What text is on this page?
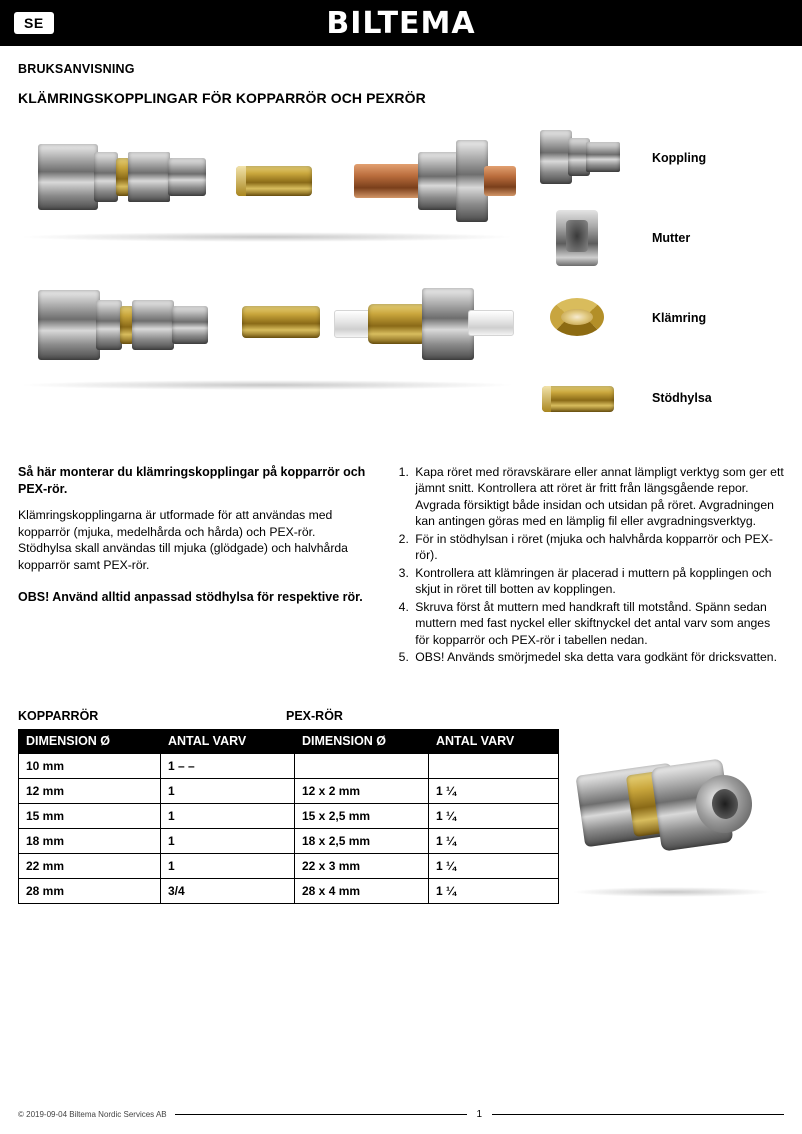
SE	BILTEMA
BRUKSANVISNING
KLÄMRINGSKOPPLINGAR FÖR KOPPARRÖR OCH PEXRÖR
Koppling
Mutter
Klämring
Stödhylsa

Så här monterar du klämringskopplingar på kopparrör och PEX-rör.

Klämringskopplingarna är utformade för att användas med kopparrör (mjuka, medelhårda och hårda) och PEX-rör. Stödhylsa skall användas till mjuka (glödgade) och halvhårda kopparrör samt PEX-rör.

OBS! Använd alltid anpassad stödhylsa för respektive rör.

1. Kapa röret med röravskärare eller annat lämpligt verktyg som ger ett jämnt snitt. Kontrollera att röret är fritt från längsgående repor. Avgrada försiktigt både insidan och utsidan på röret. Avgradningen kan antingen göras med en lämplig fil eller avgradningsverktyg.
2. För in stödhylsan i röret (mjuka och halvhårda kopparrör och PEX-rör).
3. Kontrollera att klämringen är placerad i muttern på kopplingen och skjut in röret till botten av kopplingen.
4. Skruva först åt muttern med handkraft till motstånd. Spänn sedan muttern med fast nyckel eller skiftnyckel det antal varv som anges för kopparrör och PEX-rör i tabellen nedan.
5. OBS! Används smörjmedel ska detta vara godkänt för dricksvatten.
KOPPARRÖR	PEX-RÖR
DIMENSION Ø	ANTAL VARV	DIMENSION Ø	ANTAL VARV
10 mm	1 – –		
12 mm	1	12 x 2 mm	1 ¼
15 mm	1	15 x 2,5 mm	1 ¼
18 mm	1	18 x 2,5 mm	1 ¼
22 mm	1	22 x 3 mm	1 ¼
28 mm	3/4	28 x 4 mm	1 ¼
© 2019-09-04 Biltema Nordic Services AB	1
